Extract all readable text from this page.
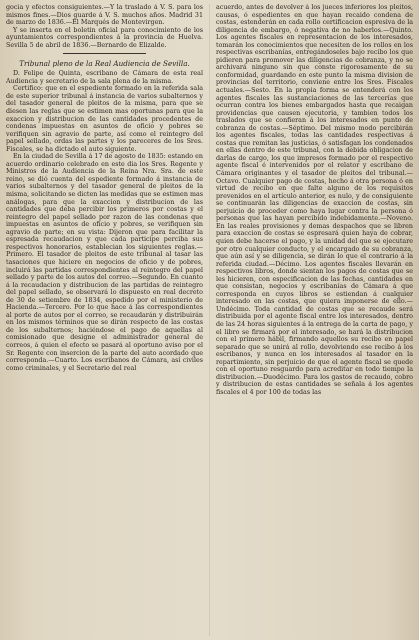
gocia y efectos consiguientes.—Y la traslado á V. S. para los mismos fines.—Dios guarde á V. S. muchos años. Madrid 31 de marzo de 1836.—El Marqués de Montevirgen.

Y se inserta en el boletin oficial para conocimiento de los ayuntamientos correspondientes á la provincia de Huelva. Sevilla 5 de abril de 1836.—Bernardo de Elizalde.

Tribunal pleno de la Real Audiencia de Sevilla.

D. Felipe de Quinta, escribano de Cámara de esta real Audiencia y secretario de la sala plena de la misma.

Certifico: que en el espediente formado en la referida sala de este superior tribunal á instancia de varios subalternos y del tasador general de pleitos de la misma, para que se diesen las reglas que se estimen mas oportunas para que la exaccion y distribucion de las cantidades procedentes de condenas impuestas en asuntos de oficio y pobres se verifiquen sin agravio de parte, así como el reintegro del papel sellado, ordas las partes y los pareceres de los Sres. Fiscales, se ha dictado el auto siguiente.

En la ciudad de Sevilla á 17 de agosto de 1835: estando en acuerdo ordinario celebrado en este dia los Sres. Regente y Ministros de la Audiencia de la Reina Nra. Sra. de este reino, se dió cuenta del espediente formado á instancia de varios subalternos y del tasador general de pleitos de la misma, solicitando se dicten las medidas que se estimen mas análogas, para que la exaccion y distribucion de las cantidades que deba percibir los primeros por costas y el reintegro del papel sellado por razon de las condenas que impuestas en asuntos de oficio y pobres, se verifiquen sin agravio de parte; en su vista: Dijeron que para facilitar la espresada recaudacion y que cada participe perciba sus respectivos honorarios, establecian los siguientes reglas.—Primero. El tasador de pleitos de este tribunal al tasar las tasaciones que hiciere en negocios de oficio y de pobres, incluirá las partidas correspondientes al reintegro del papel sellado y parte de los autos del correo.—Segundo. En cuanto á la recaudacion y distribucion de las partidas de reintegro del papel sellado, se observará lo dispuesto en real decreto de 30 de setiembre de 1834, espedido por el ministerio de Hacienda.—Tercero. Por lo que hace á las correspondientes al porte de autos por el correo, se recaudarán y distribuirán en los mismos términos que se dirán respecto de las costas de los subalternos; haciéndose el pago de aquellas al comisionado que designe el administrador general de correos, á quien el efecto se pasará al oportuno aviso por el Sr. Regente con insercion de la parte del auto acordado que corresponda.—Cuarto. Los escribanos de Cámara, así civiles como criminales, y el Secretario del real

acuerdo, antes de devolver á los jueces inferiores los pleitos, causas, ó espedientes en que hayan recaido condena de costas, estenderán en cada rollo certificacion espresiva de la diligencia de embargo, ó negativa de no haberlos.—Quinto. Los agentes fiscales en representacion de los interesados, tomarán los conocimientos que necesiten de los rollos en los respectivas escribanías, entregándoseles bajo recibo los que pidieren para promover las diligencias de cobranza, y no se archivará ninguno sin que conste rigorosamente de su conformidad, guardando en este punto la misma division de provincias del territorio, conviene entre los Sres. Fiscales actuales.—Sesto. En la propia forma se entenderá con los agentes fiscales las sustanciaciones de las tercerías que ocurran contra los bienes embargados hasta que recaigan providencias que causen ejecutoria, y tambien todos los traslados que se confieran á los interesados en punto de cobranza de costas.—Séptimo. Del mismo modo percibirán los agentes fiscales, todas las cantidades respectivas á costas que remitan las justicias, ó satisfagan los condenados en ellas dentro de este tribunal, con la debida obligacion de darlas de cargo, los que impresos formado por el respectivo agente fiscal é intervenidos por el relator y escribano de Cámara originantes y el tasador de pleitos del tribunal.—Octavo. Cualquier pago de costas, hecho á otra persona ó en virtud de recibo en que falte alguno de los requisitos prevenidos en el artículo anterior, es nulo, y de consiguiente se continuarán las diligencias de exaccion de costas, sin perjuicio de proceder como haya lugar contra la persona ó personas que las hayan percibido indebidamente.—Noveno. En las reales provisiones y demas despachos que se libren para exaccion de costas se espresará quien haya de cobrar, quien debe hacerse el pago, y la unidad del que se ejecutare por otro cualquier conducto, y el encargado de su cobranza, que aún así y se diligencia, se dirán lo que el contrario á la referida ciudad.—Décimo. Los agentes fiscales llevarán en respectivos libros, donde sientan los pagos de costas que se les hicieren, con especificacion de las fechas, cantidades en que consistan, negocios y escribanías de Cámara á que corresponda en cuyos libros se estiendan á cualquier interesado en las costas, que quiera imponerse de ello.—Undécimo. Toda cantidad de costas que se recaude será distribuida por el agente fiscal entre los interesados, dentro de las 24 horas siguientes á la entrega de la carta de pago, y el libro se firmará por el interesado, se hará la distribucion con el primero hábil, firmando aquellos su recibo en papel separado que se unirá al rollo, devolviendo ese recibo á los escribanos, y nunca en los interesados al tasador en la repartimiento, sin perjuicio de que el agente fiscal se quede con el oportuno resguardo para acreditar en todo tiempo la distribucion.—Duodécimo. Para los gastos de recaudo, cobro y distribucion de estas cantidades se señala á los agentes fiscales el 4 por 100 de todas las
